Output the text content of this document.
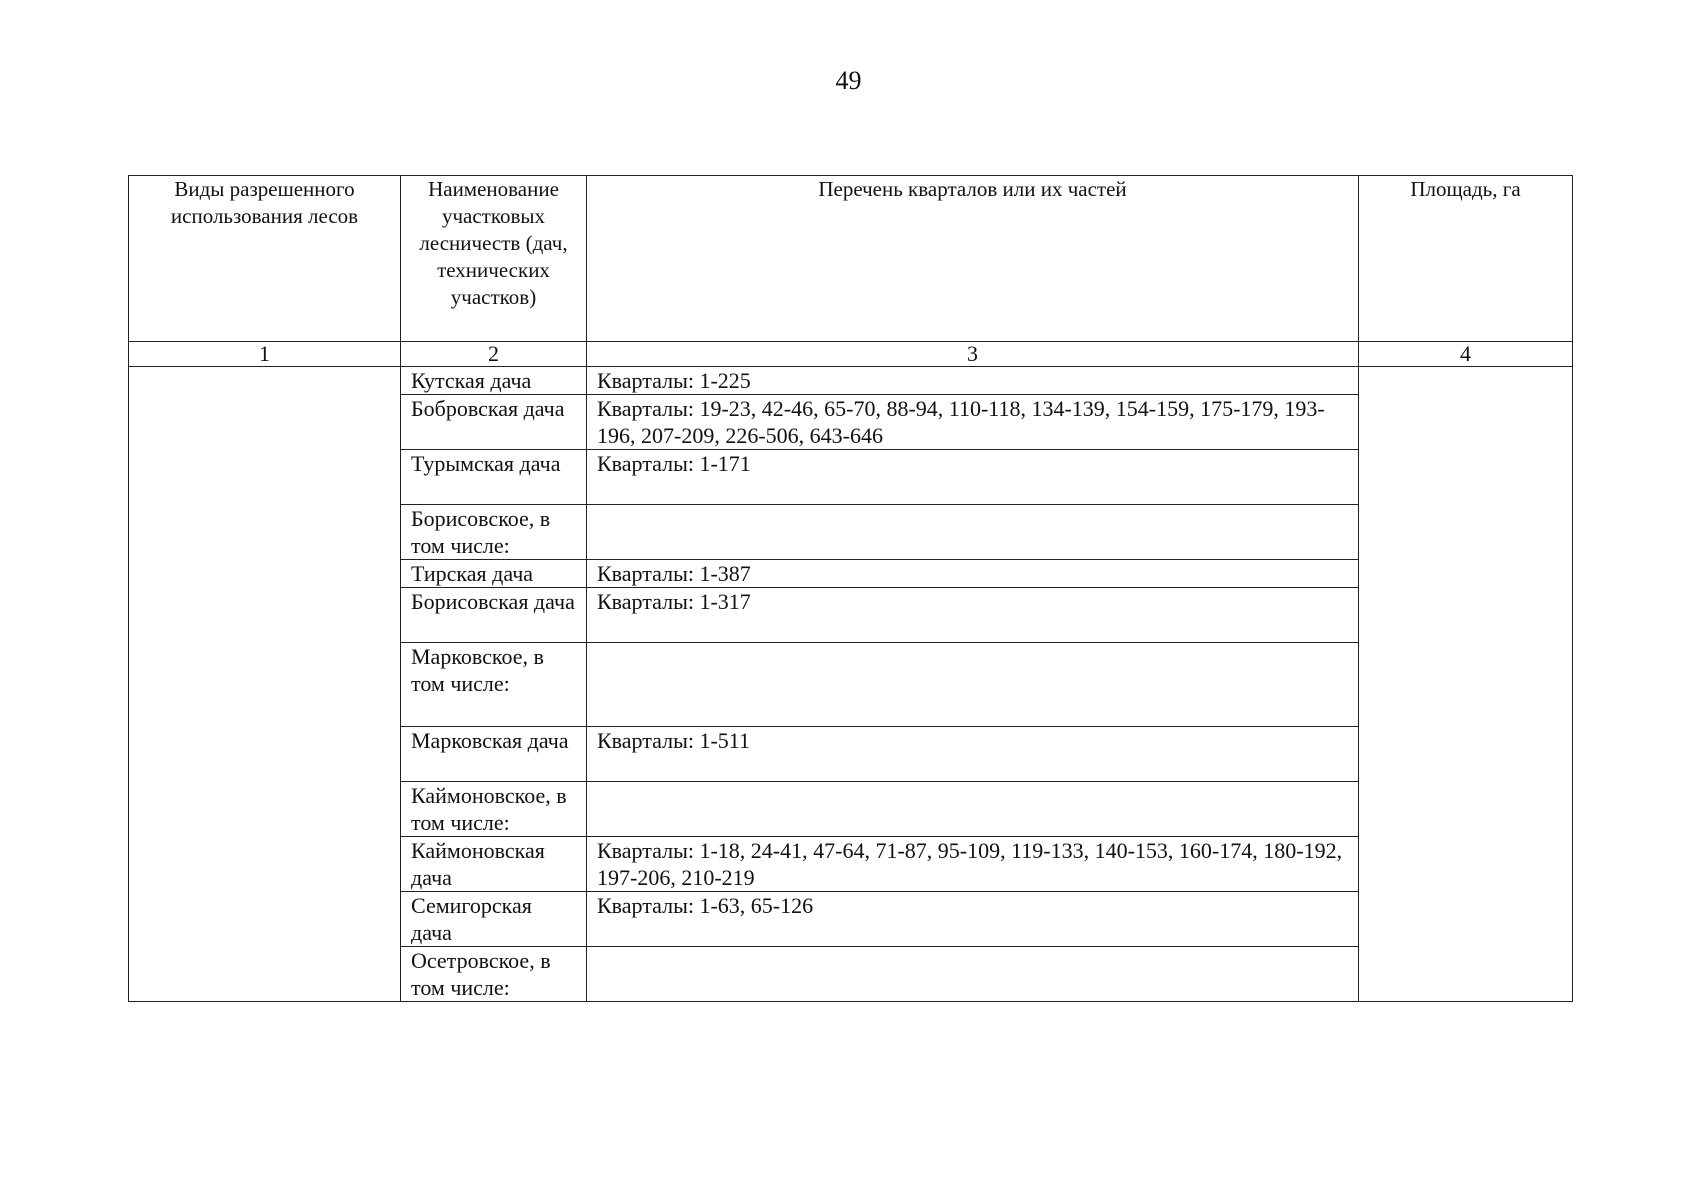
49
Виды разрешенного использования лесов	Наименование участковых лесничеств (дач, технических участков)	Перечень кварталов или их частей	Площадь, га
1	2	3	4
	Кутская дача	Кварталы: 1-225	
	Бобровская дача	Кварталы: 19-23, 42-46, 65-70, 88-94, 110-118, 134-139, 154-159, 175-179, 193-196, 207-209, 226-506, 643-646	
	Турымская дача	Кварталы: 1-171	
	Борисовское, в том числе:		
	Тирская дача	Кварталы: 1-387	
	Борисовская дача	Кварталы: 1-317	
	Марковское, в том числе:		
	Марковская дача	Кварталы: 1-511	
	Каймоновское, в том числе:		
	Каймоновская дача	Кварталы: 1-18, 24-41, 47-64, 71-87, 95-109, 119-133, 140-153, 160-174, 180-192, 197-206, 210-219	
	Семигорская дача	Кварталы: 1-63, 65-126	
	Осетровское, в том числе:		
